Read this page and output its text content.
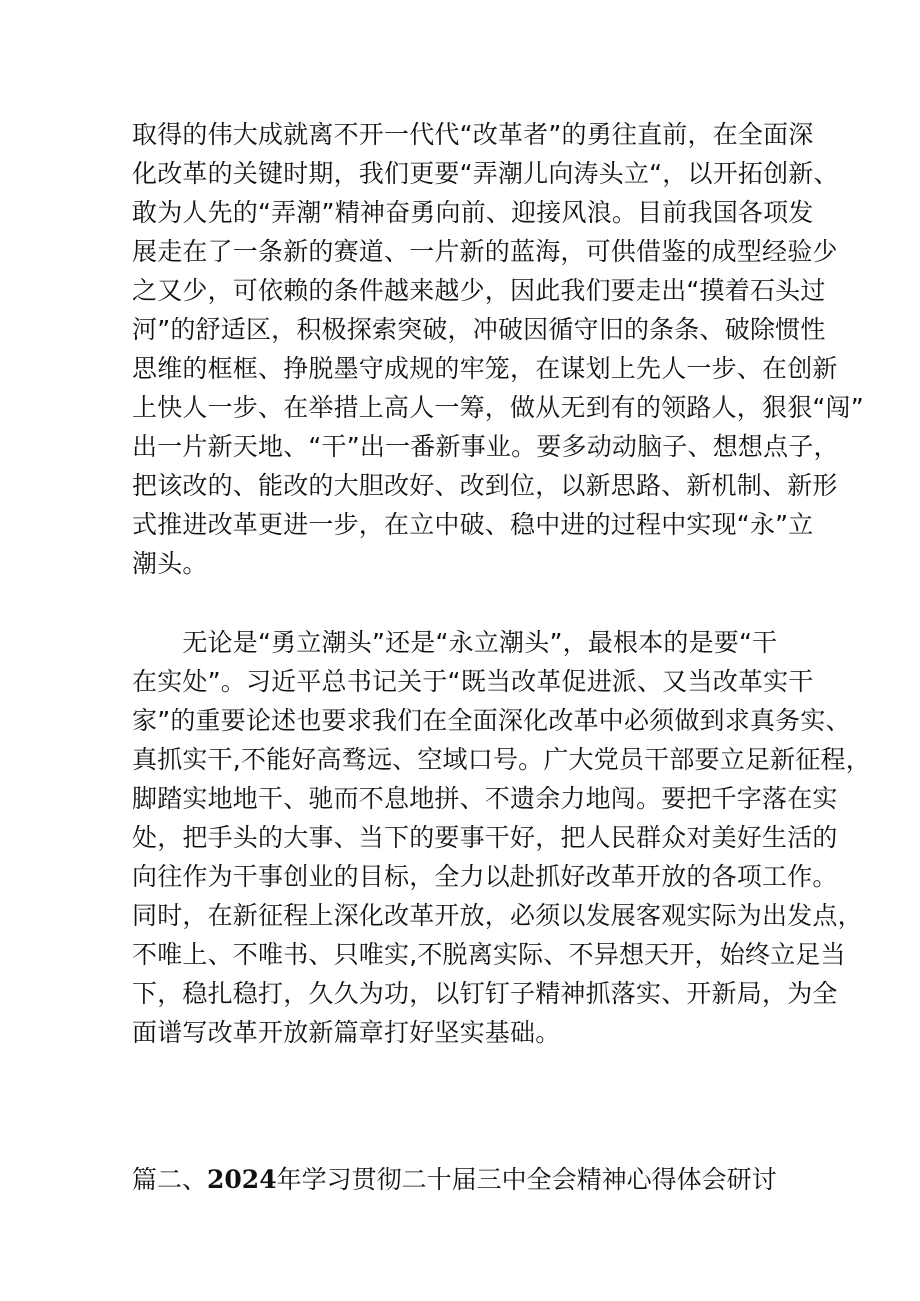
取得的伟大成就离不开一代代“改革者”的勇往直前，在全面深
化改革的关键时期，我们更要“弄潮儿向涛头立“，以开拓创新、
敢为人先的“弄潮”精神奋勇向前、迎接风浪。目前我国各项发
展走在了一条新的赛道、一片新的蓝海，可供借鉴的成型经验少
之又少，可依赖的条件越来越少，因此我们要走出“摸着石头过
河”的舒适区，积极探索突破，冲破因循守旧的条条、破除惯性
思维的框框、挣脱墨守成规的牢笼，在谋划上先人一步、在创新
上快人一步、在举措上高人一筹，做从无到有的领路人，狠狠“闯”
出一片新天地、“干”出一番新事业。要多动动脑子、想想点子，
把该改的、能改的大胆改好、改到位，以新思路、新机制、新形
式推进改革更进一步，在立中破、稳中进的过程中实现“永”立
潮头。
　　无论是“勇立潮头”还是“永立潮头”，最根本的是要“干
在实处”。习近平总书记关于“既当改革促进派、又当改革实干
家”的重要论述也要求我们在全面深化改革中必须做到求真务实、
真抓实干,不能好高骛远、空域口号。广大党员干部要立足新征程，
脚踏实地地干、驰而不息地拼、不遗余力地闯。要把千字落在实
处，把手头的大事、当下的要事干好，把人民群众对美好生活的
向往作为干事创业的目标，全力以赴抓好改革开放的各项工作。
同时，在新征程上深化改革开放，必须以发展客观实际为出发点，
不唯上、不唯书、只唯实,不脱离实际、不异想天开，始终立足当
下，稳扎稳打，久久为功，以钉钉子精神抓落实、开新局，为全
面谱写改革开放新篇章打好坚实基础。
篇二、2024年学习贯彻二十届三中全会精神心得体会研讨
